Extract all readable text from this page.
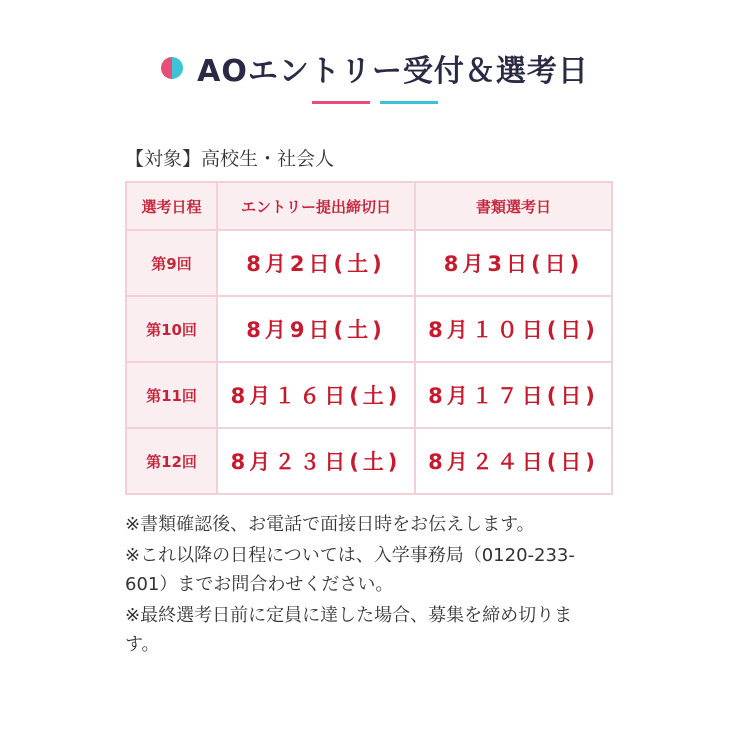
AOエントリー受付＆選考日
【対象】高校生・社会人
選考日程	エントリー提出締切日	書類選考日
第9回	8月2日(土)	8月3日(日)
第10回	8月9日(土)	8月１０日(日)
第11回	8月１６日(土)	8月１７日(日)
第12回	8月２３日(土)	8月２４日(日)

※書類確認後、お電話で面接日時をお伝えします。

※これ以降の日程については、入学事務局（0120-233-601）までお問合わせください。

※最終選考日前に定員に達した場合、募集を締め切ります。
